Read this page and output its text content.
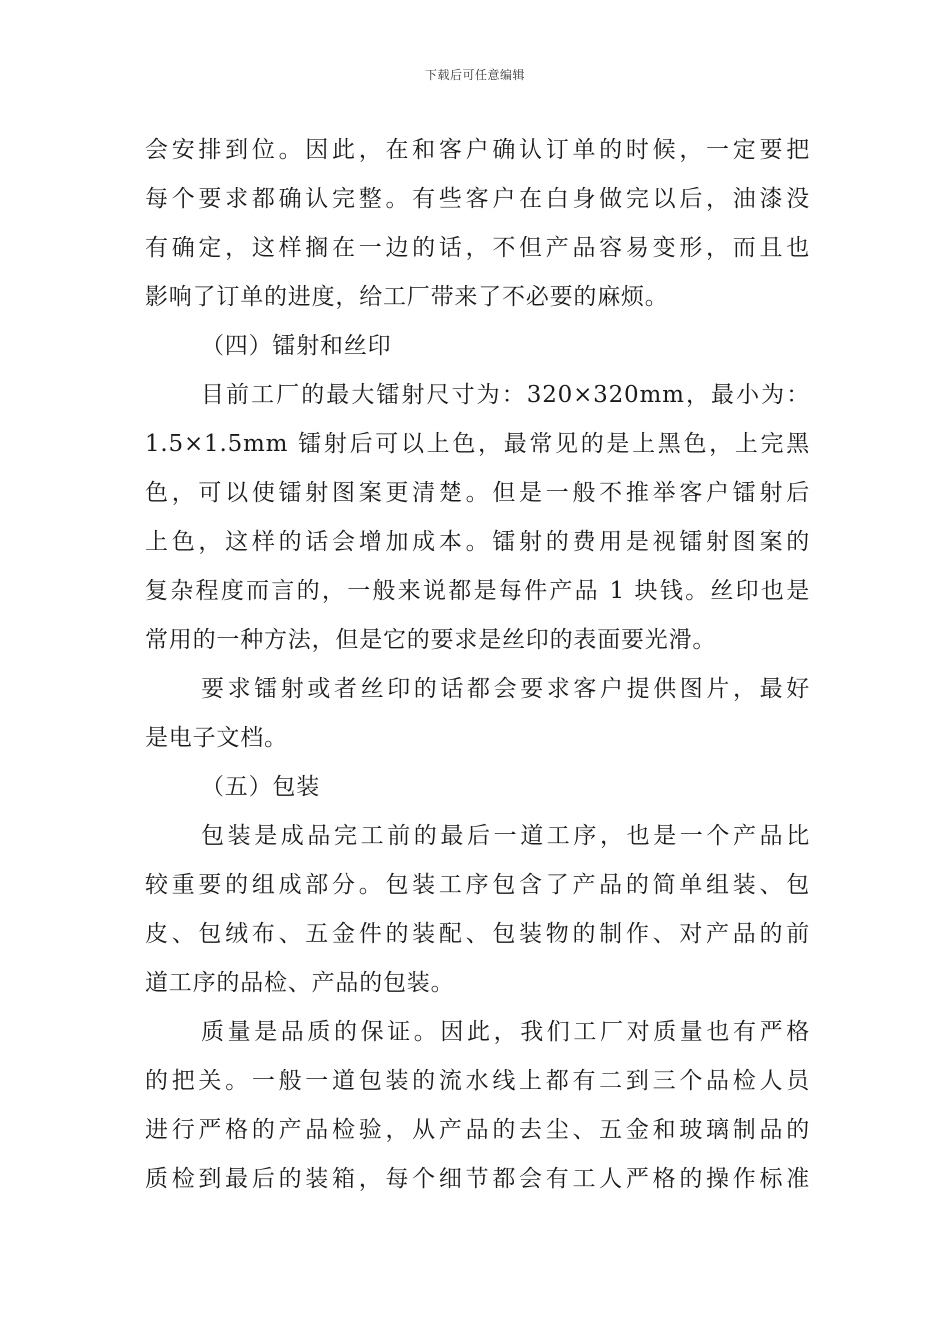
下载后可任意编辑
会安排到位。因此，在和客户确认订单的时候，一定要把
每个要求都确认完整。有些客户在白身做完以后，油漆没
有确定，这样搁在一边的话，不但产品容易变形，而且也
影响了订单的进度，给工厂带来了不必要的麻烦。
（四）镭射和丝印
目前工厂的最大镭射尺寸为：320×320mm，最小为：
1.5×1.5mm 镭射后可以上色，最常见的是上黑色，上完黑
色，可以使镭射图案更清楚。但是一般不推举客户镭射后
上色，这样的话会增加成本。镭射的费用是视镭射图案的
复杂程度而言的，一般来说都是每件产品 1 块钱。丝印也是
常用的一种方法，但是它的要求是丝印的表面要光滑。
要求镭射或者丝印的话都会要求客户提供图片，最好
是电子文档。
（五）包装
包装是成品完工前的最后一道工序，也是一个产品比
较重要的组成部分。包装工序包含了产品的简单组装、包
皮、包绒布、五金件的装配、包装物的制作、对产品的前
道工序的品检、产品的包装。
质量是品质的保证。因此，我们工厂对质量也有严格
的把关。一般一道包装的流水线上都有二到三个品检人员
进行严格的产品检验，从产品的去尘、五金和玻璃制品的
质检到最后的装箱，每个细节都会有工人严格的操作标准
